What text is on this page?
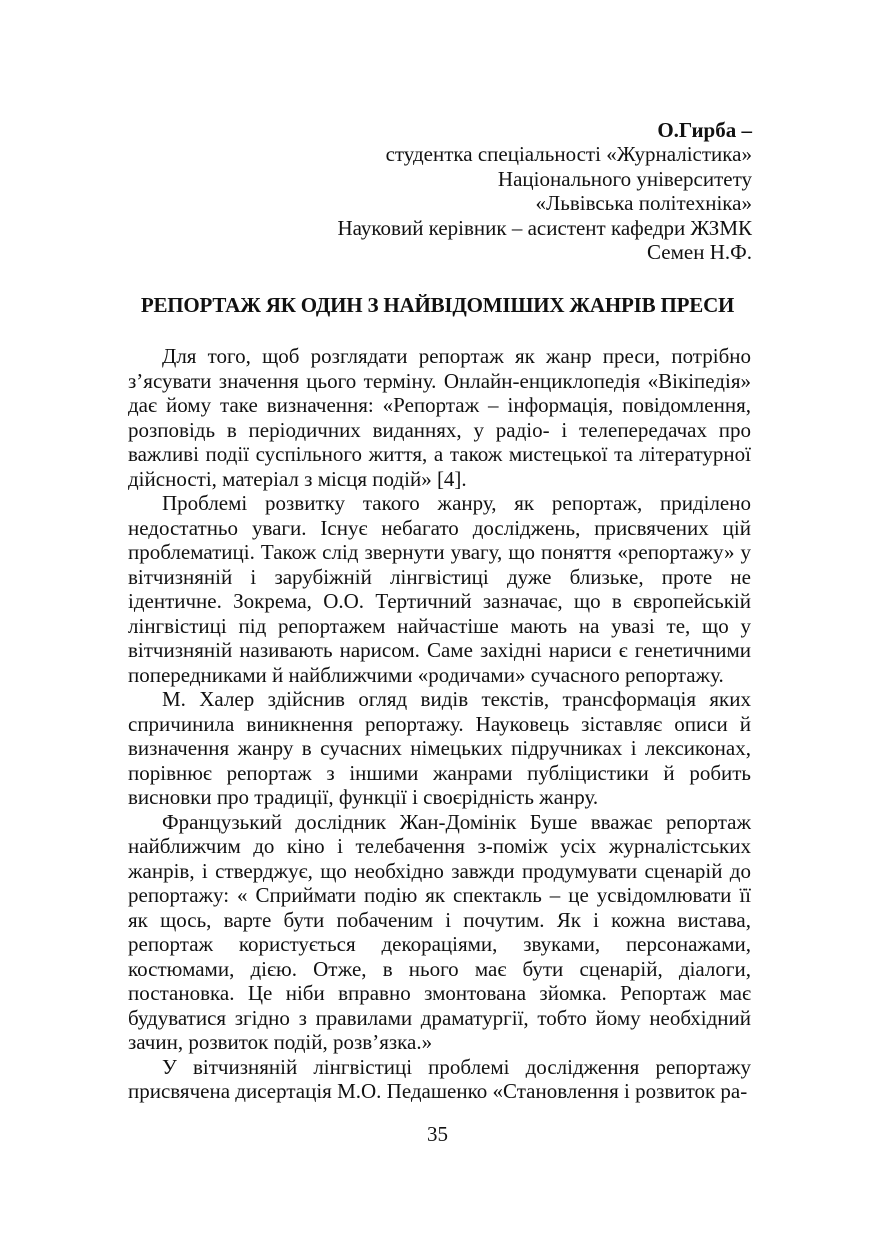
О.Гирба –
студентка спеціальності «Журналістика»
Національного університету
«Львівська політехніка»
Науковий керівник – асистент кафедри ЖЗМК
Семен Н.Ф.
РЕПОРТАЖ ЯК ОДИН З НАЙВІДОМІШИХ ЖАНРІВ ПРЕСИ

Для того, щоб розглядати репортаж як жанр преси, потрібно з’ясувати значення цього терміну. Онлайн-енциклопедія «Вікіпедія» дає йому таке визначення: «Репортаж – інформація, повідомлення, розповідь в періодичних виданнях, у радіо- і телепередачах про важливі події суспільного життя, а також мистецької та літературної дійсності, матеріал з місця подій» [4].

Проблемі розвитку такого жанру, як репортаж, приділено недостатньо уваги. Існує небагато досліджень, присвячених цій проблематиці. Також слід звернути увагу, що поняття «репортажу» у вітчизняній і зарубіжній лінгвістиці дуже близьке, проте не ідентичне. Зокрема, О.О. Тертичний зазначає, що в європейській лінгвістиці під репортажем найчастіше мають на увазі те, що у вітчизняній називають нарисом. Саме західні нариси є генетичними попередниками й найближчими «родичами» сучасного репортажу.

М. Халер здійснив огляд видів текстів, трансформація яких спричинила виникнення репортажу. Науковець зіставляє описи й визначення жанру в сучасних німецьких підручниках і лексиконах, порівнює репортаж з іншими жанрами публіцистики й робить висновки про традиції, функції і своєрідність жанру.

Французький дослідник Жан-Домінік Буше вважає репортаж найближчим до кіно і телебачення з-поміж усіх журналістських жанрів, і стверджує, що необхідно завжди продумувати сценарій до репортажу: « Сприймати подію як спектакль – це усвідомлювати її як щось, варте бути побаченим і почутим. Як і кожна вистава, репортаж користується декораціями, звуками, персонажами, костюмами, дією. Отже, в нього має бути сценарій, діалоги, постановка. Це ніби вправно змонтована зйомка. Репортаж має будуватися згідно з правилами драматургії, тобто йому необхідний зачин, розвиток подій, розв’язка.»

У вітчизняній лінгвістиці проблемі дослідження репортажу присвячена дисертація М.О. Педашенко «Становлення і розвиток ра-

35
